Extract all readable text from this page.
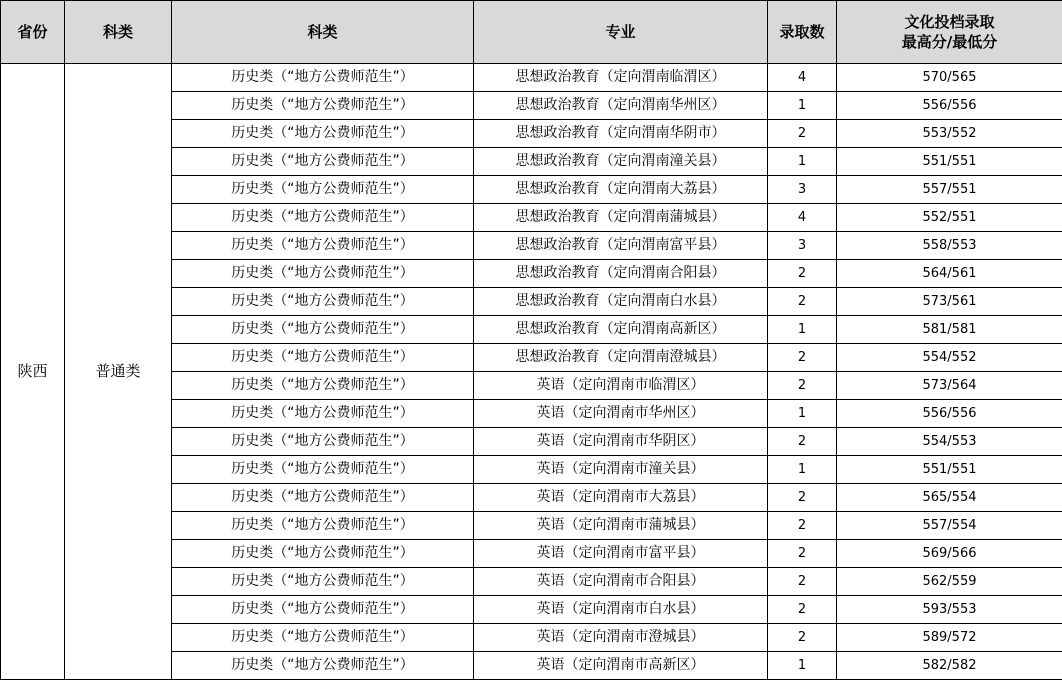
省份	科类	科类	专业	录取数	文化投档录取
最高分/最低分

陕西	普通类	历史类（“地方公费师范生”）	思想政治教育（定向渭南临渭区）	4	570/565
		历史类（“地方公费师范生”）	思想政治教育（定向渭南华州区）	1	556/556
		历史类（“地方公费师范生”）	思想政治教育（定向渭南华阴市）	2	553/552
		历史类（“地方公费师范生”）	思想政治教育（定向渭南潼关县）	1	551/551
		历史类（“地方公费师范生”）	思想政治教育（定向渭南大荔县）	3	557/551
		历史类（“地方公费师范生”）	思想政治教育（定向渭南蒲城县）	4	552/551
		历史类（“地方公费师范生”）	思想政治教育（定向渭南富平县）	3	558/553
		历史类（“地方公费师范生”）	思想政治教育（定向渭南合阳县）	2	564/561
		历史类（“地方公费师范生”）	思想政治教育（定向渭南白水县）	2	573/561
		历史类（“地方公费师范生”）	思想政治教育（定向渭南高新区）	1	581/581
		历史类（“地方公费师范生”）	思想政治教育（定向渭南澄城县）	2	554/552
		历史类（“地方公费师范生”）	英语（定向渭南市临渭区）	2	573/564
		历史类（“地方公费师范生”）	英语（定向渭南市华州区）	1	556/556
		历史类（“地方公费师范生”）	英语（定向渭南市华阴区）	2	554/553
		历史类（“地方公费师范生”）	英语（定向渭南市潼关县）	1	551/551
		历史类（“地方公费师范生”）	英语（定向渭南市大荔县）	2	565/554
		历史类（“地方公费师范生”）	英语（定向渭南市蒲城县）	2	557/554
		历史类（“地方公费师范生”）	英语（定向渭南市富平县）	2	569/566
		历史类（“地方公费师范生”）	英语（定向渭南市合阳县）	2	562/559
		历史类（“地方公费师范生”）	英语（定向渭南市白水县）	2	593/553
		历史类（“地方公费师范生”）	英语（定向渭南市澄城县）	2	589/572
		历史类（“地方公费师范生”）	英语（定向渭南市高新区）	1	582/582
